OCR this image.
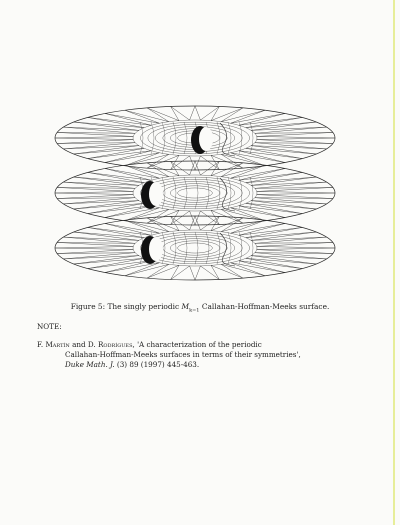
Figure 5: The singly periodic $M_{k=1}$ Callahan-Hoffman-Meeks surface.
NOTE:
F. Martín and D. Rodrígues, 'A characterization of the periodic
Callahan-Hoffman-Meeks surfaces in terms of their symmetries',
Duke Math. J. (3) 89 (1997) 445-463.
